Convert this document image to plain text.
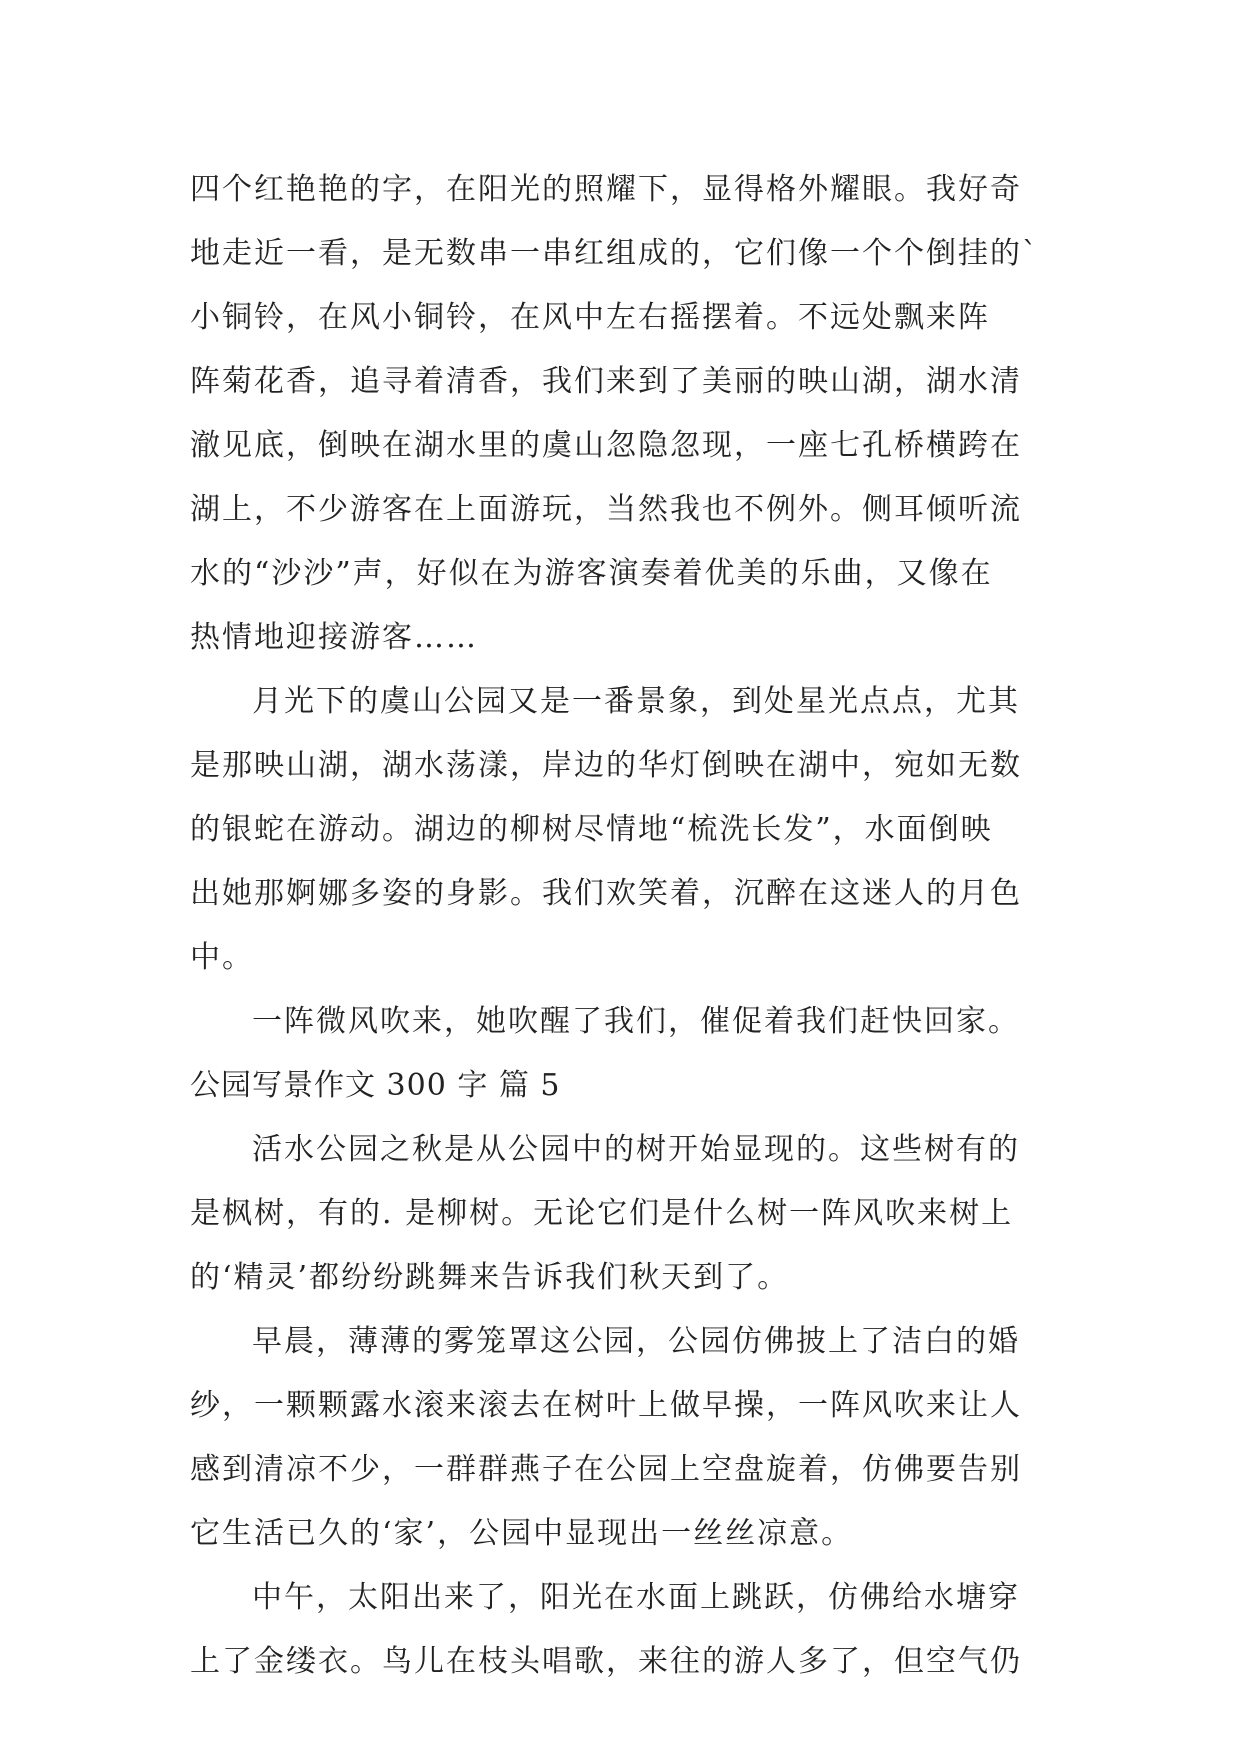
四个红艳艳的字，在阳光的照耀下，显得格外耀眼。我好奇
地走近一看，是无数串一串红组成的，它们像一个个倒挂的`
小铜铃，在风小铜铃，在风中左右摇摆着。不远处飘来阵
阵菊花香，追寻着清香，我们来到了美丽的映山湖，湖水清
澈见底，倒映在湖水里的虞山忽隐忽现，一座七孔桥横跨在
湖上，不少游客在上面游玩，当然我也不例外。侧耳倾听流
水的“沙沙”声，好似在为游客演奏着优美的乐曲，又像在
热情地迎接游客……
月光下的虞山公园又是一番景象，到处星光点点，尤其
是那映山湖，湖水荡漾，岸边的华灯倒映在湖中，宛如无数
的银蛇在游动。湖边的柳树尽情地“梳洗长发”，水面倒映
出她那婀娜多姿的身影。我们欢笑着，沉醉在这迷人的月色
中。
一阵微风吹来，她吹醒了我们，催促着我们赶快回家。
公园写景作文 300 字 篇 5
活水公园之秋是从公园中的树开始显现的。这些树有的
是枫树，有的. 是柳树。无论它们是什么树一阵风吹来树上
的‘精灵’都纷纷跳舞来告诉我们秋天到了。
早晨，薄薄的雾笼罩这公园，公园仿佛披上了洁白的婚
纱，一颗颗露水滚来滚去在树叶上做早操，一阵风吹来让人
感到清凉不少，一群群燕子在公园上空盘旋着，仿佛要告别
它生活已久的‘家’，公园中显现出一丝丝凉意。
中午，太阳出来了，阳光在水面上跳跃，仿佛给水塘穿
上了金缕衣。鸟儿在枝头唱歌，来往的游人多了，但空气仍
